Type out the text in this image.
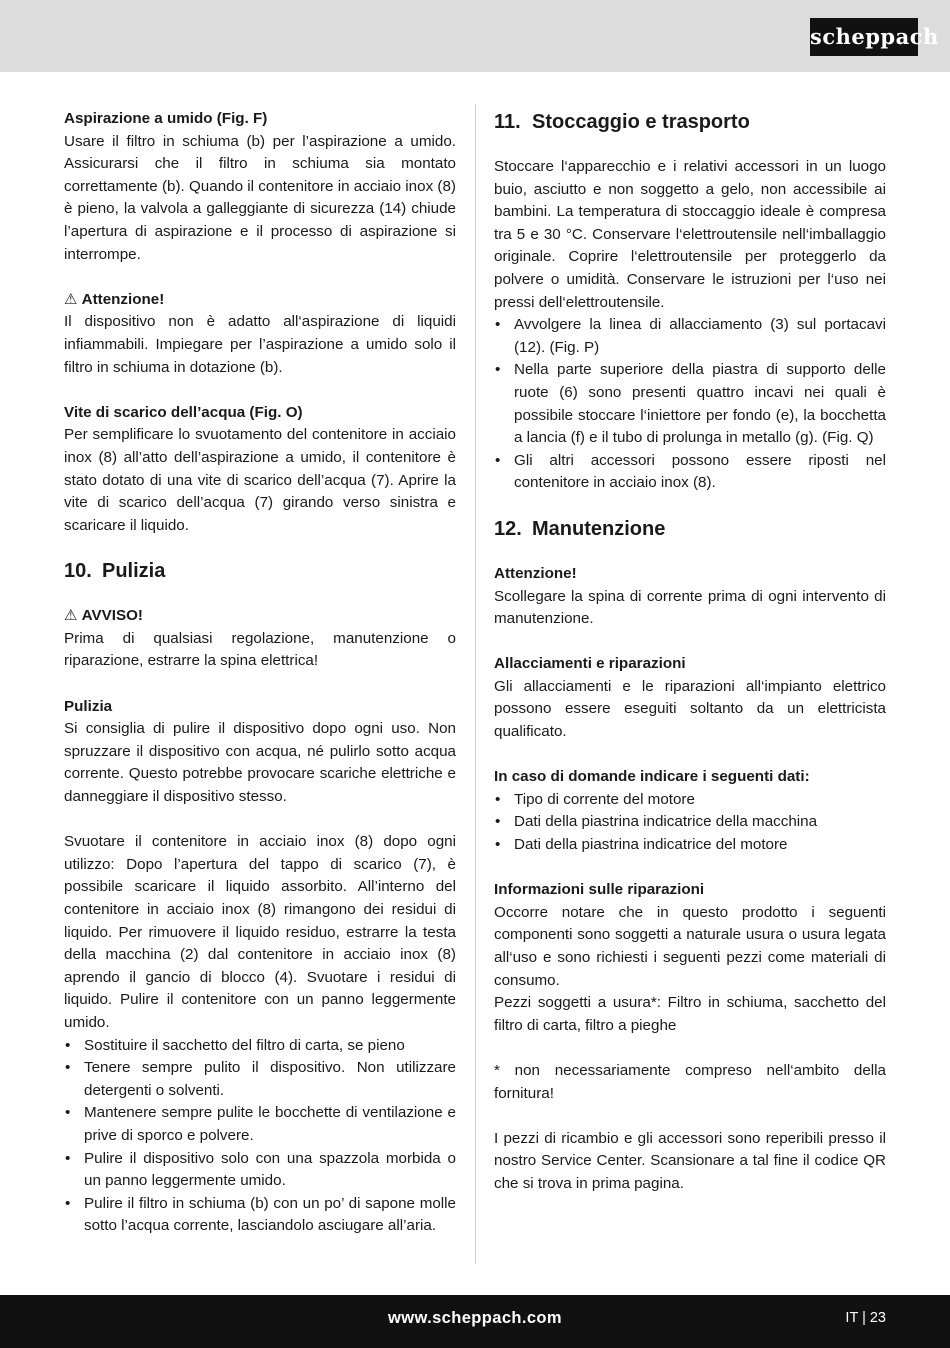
scheppach
Aspirazione a umido (Fig. F)
Usare il filtro in schiuma (b) per l’aspirazione a umido. Assicurarsi che il filtro in schiuma sia montato correttamente (b). Quando il contenitore in acciaio inox (8) è pieno, la valvola a galleggiante di sicurezza (14) chiude l’apertura di aspirazione e il processo di aspirazione si interrompe.
⚠ Attenzione!
Il dispositivo non è adatto all‘aspirazione di liquidi infiammabili. Impiegare per l’aspirazione a umido solo il filtro in schiuma in dotazione (b).
Vite di scarico dell’acqua (Fig. O)
Per semplificare lo svuotamento del contenitore in acciaio inox (8) all’atto dell’aspirazione a umido, il contenitore è stato dotato di una vite di scarico dell’acqua (7). Aprire la vite di scarico dell’acqua (7) girando verso sinistra e scaricare il liquido.
10. Pulizia
⚠ AVVISO!
Prima di qualsiasi regolazione, manutenzione o riparazione, estrarre la spina elettrica!
Pulizia
Si consiglia di pulire il dispositivo dopo ogni uso. Non spruzzare il dispositivo con acqua, né pulirlo sotto acqua corrente. Questo potrebbe provocare scariche elettriche e danneggiare il dispositivo stesso.
Svuotare il contenitore in acciaio inox (8) dopo ogni utilizzo: Dopo l’apertura del tappo di scarico (7), è possibile scaricare il liquido assorbito. All’interno del contenitore in acciaio inox (8) rimangono dei residui di liquido. Per rimuovere il liquido residuo, estrarre la testa della macchina (2) dal contenitore in acciaio inox (8) aprendo il gancio di blocco (4). Svuotare i residui di liquido. Pulire il contenitore con un panno leggermente umido.
• Sostituire il sacchetto del filtro di carta, se pieno
• Tenere sempre pulito il dispositivo. Non utilizzare detergenti o solventi.
• Mantenere sempre pulite le bocchette di ventilazione e prive di sporco e polvere.
• Pulire il dispositivo solo con una spazzola morbida o un panno leggermente umido.
• Pulire il filtro in schiuma (b) con un po’ di sapone molle sotto l’acqua corrente, lasciandolo asciugare all’aria.
11. Stoccaggio e trasporto
Stoccare l‘apparecchio e i relativi accessori in un luogo buio, asciutto e non soggetto a gelo, non accessibile ai bambini. La temperatura di stoccaggio ideale è compresa tra 5 e 30 °C. Conservare l‘elettroutensile nell‘imballaggio originale. Coprire l‘elettroutensile per proteggerlo da polvere o umidità. Conservare le istruzioni per l‘uso nei pressi dell‘elettroutensile.
• Avvolgere la linea di allacciamento (3) sul portacavi (12). (Fig. P)
• Nella parte superiore della piastra di supporto delle ruote (6) sono presenti quattro incavi nei quali è possibile stoccare l‘iniettore per fondo (e), la bocchetta a lancia (f) e il tubo di prolunga in metallo (g). (Fig. Q)
• Gli altri accessori possono essere riposti nel contenitore in acciaio inox (8).
12. Manutenzione
Attenzione!
Scollegare la spina di corrente prima di ogni intervento di manutenzione.
Allacciamenti e riparazioni
Gli allacciamenti e le riparazioni all‘impianto elettrico possono essere eseguiti soltanto da un elettricista qualificato.
In caso di domande indicare i seguenti dati:
• Tipo di corrente del motore
• Dati della piastrina indicatrice della macchina
• Dati della piastrina indicatrice del motore
Informazioni sulle riparazioni
Occorre notare che in questo prodotto i seguenti componenti sono soggetti a naturale usura o usura legata all‘uso e sono richiesti i seguenti pezzi come materiali di consumo.
Pezzi soggetti a usura*: Filtro in schiuma, sacchetto del filtro di carta, filtro a pieghe
* non necessariamente compreso nell‘ambito della fornitura!
I pezzi di ricambio e gli accessori sono reperibili presso il nostro Service Center. Scansionare a tal fine il codice QR che si trova in prima pagina.
www.scheppach.com	IT | 23
